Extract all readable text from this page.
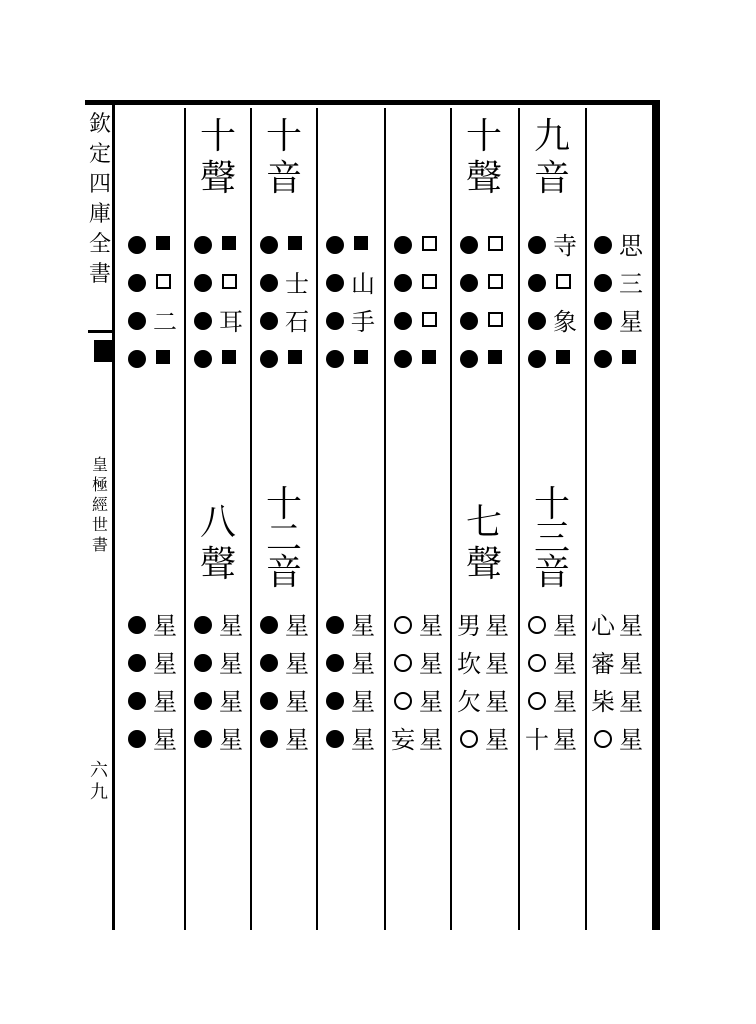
欽
定
四
庫
全
書
皇
極
經
世
書
六
九
思
三
星
心 星
審 星
枈 星
星
九
音
寺
象
十
三
音
星
星
星
十 星
十
聲
七
聲
男 星
坎 星
欠 星
星
星
星
星
妄 星
山
手
星
星
星
星
十
音
士
石
十
二
音
星
星
星
星
十
聲
耳
八
聲
星
星
星
星
二
星
星
星
星
